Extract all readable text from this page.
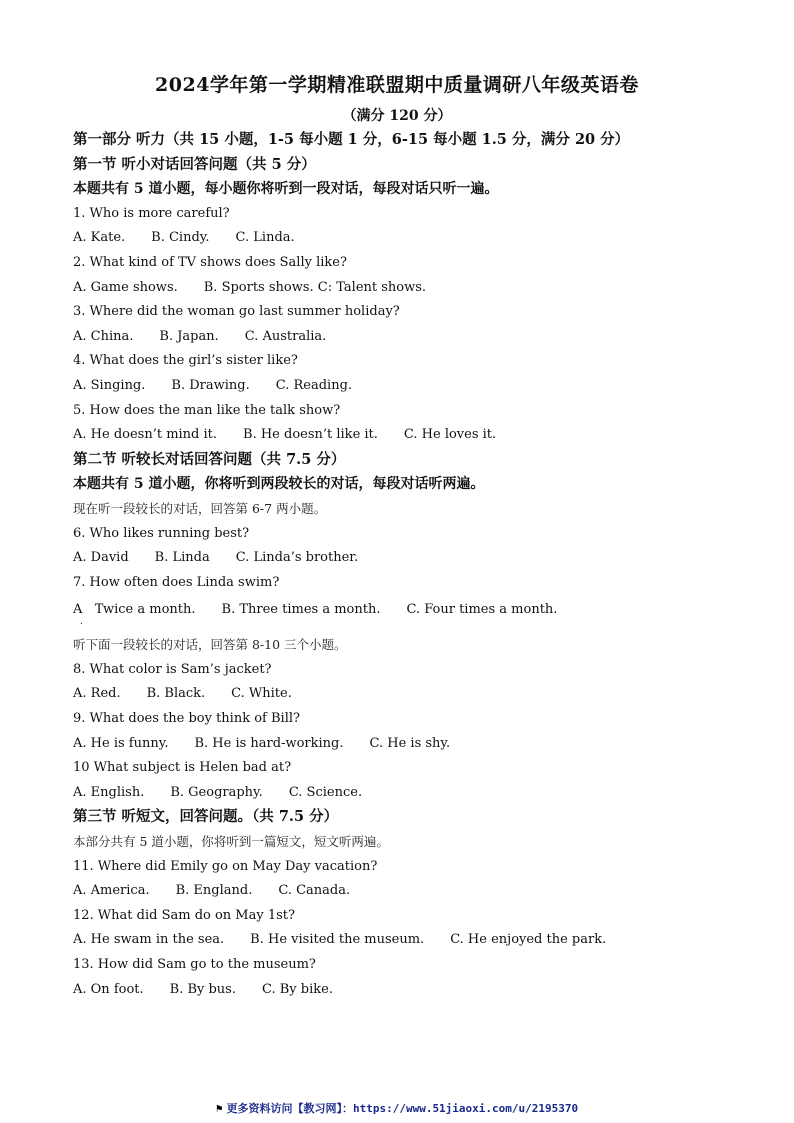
2024学年第一学期精准联盟期中质量调研八年级英语卷
（满分 120 分）
第一部分 听力（共 15 小题，1-5 每小题 1 分，6-15 每小题 1.5 分，满分 20 分）
第一节 听小对话回答问题（共 5 分）
本题共有 5 道小题，每小题你将听到一段对话，每段对话只听一遍。
1. Who is more careful?
A. Kate. B. Cindy. C. Linda.
2. What kind of TV shows does Sally like?
A. Game shows. B. Sports shows. C: Talent shows.
3. Where did the woman go last summer holiday?
A. China. B. Japan. C. Australia.
4. What does the girl’s sister like?
A. Singing. B. Drawing. C. Reading.
5. How does the man like the talk show?
A. He doesn’t mind it. B. He doesn’t like it. C. He loves it.
第二节 听较长对话回答问题（共 7.5 分）
本题共有 5 道小题，你将听到两段较长的对话，每段对话听两遍。
现在听一段较长的对话，回答第 6-7 两小题。
6. Who likes running best?
A. David B. Linda C. Linda’s brother.
7. How often does Linda swim?
A   Twice a month. B. Three times a month. C. Four times a month.
.
听下面一段较长的对话，回答第 8-10 三个小题。
8. What color is Sam’s jacket?
A. Red. B. Black. C. White.
9. What does the boy think of Bill?
A. He is funny. B. He is hard-working. C. He is shy.
10 What subject is Helen bad at?
A. English. B. Geography. C. Science.
第三节 听短文，回答问题。（共 7.5 分）
本部分共有 5 道小题，你将听到一篇短文，短文听两遍。
11. Where did Emily go on May Day vacation?
A. America. B. England. C. Canada.
12. What did Sam do on May 1st?
A. He swam in the sea. B. He visited the museum. C. He enjoyed the park.
13. How did Sam go to the museum?
A. On foot. B. By bus. C. By bike.
⚑ 更多资料访问【教习网】：https://www.51jiaoxi.com/u/2195370
